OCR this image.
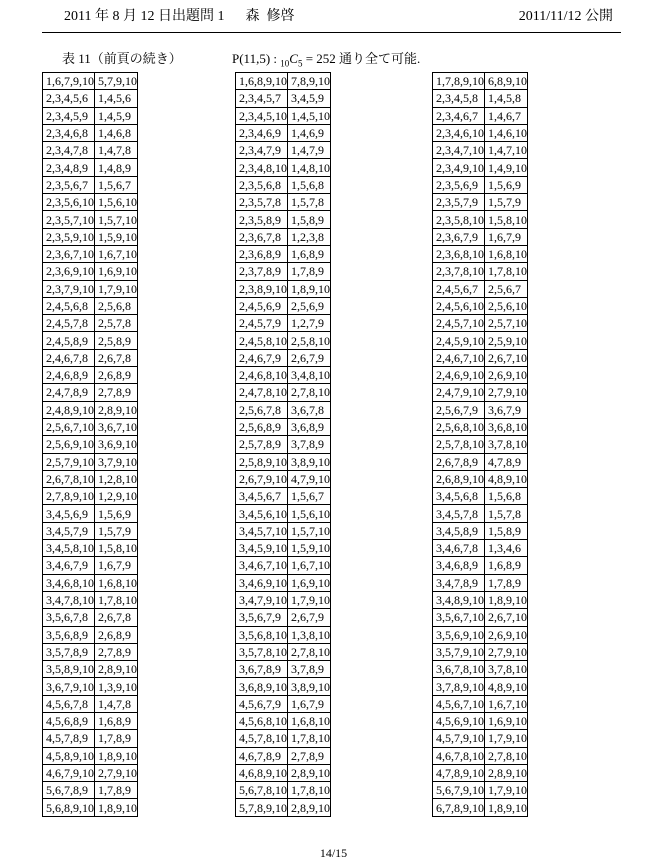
2011 年 8 月 12 日出題問 1      森  修啓	2011/11/12 公開
表 11（前頁の続き）	P(11,5) : $_{10}C_5 = 252$ 通り全て可能.
1,6,7,9,10	5,7,9,10
2,3,4,5,6	1,4,5,6
2,3,4,5,9	1,4,5,9
2,3,4,6,8	1,4,6,8
2,3,4,7,8	1,4,7,8
2,3,4,8,9	1,4,8,9
2,3,5,6,7	1,5,6,7
2,3,5,6,10	1,5,6,10
2,3,5,7,10	1,5,7,10
2,3,5,9,10	1,5,9,10
2,3,6,7,10	1,6,7,10
2,3,6,9,10	1,6,9,10
2,3,7,9,10	1,7,9,10
2,4,5,6,8	2,5,6,8
2,4,5,7,8	2,5,7,8
2,4,5,8,9	2,5,8,9
2,4,6,7,8	2,6,7,8
2,4,6,8,9	2,6,8,9
2,4,7,8,9	2,7,8,9
2,4,8,9,10	2,8,9,10
2,5,6,7,10	3,6,7,10
2,5,6,9,10	3,6,9,10
2,5,7,9,10	3,7,9,10
2,6,7,8,10	1,2,8,10
2,7,8,9,10	1,2,9,10
3,4,5,6,9	1,5,6,9
3,4,5,7,9	1,5,7,9
3,4,5,8,10	1,5,8,10
3,4,6,7,9	1,6,7,9
3,4,6,8,10	1,6,8,10
3,4,7,8,10	1,7,8,10
3,5,6,7,8	2,6,7,8
3,5,6,8,9	2,6,8,9
3,5,7,8,9	2,7,8,9
3,5,8,9,10	2,8,9,10
3,6,7,9,10	1,3,9,10
4,5,6,7,8	1,4,7,8
4,5,6,8,9	1,6,8,9
4,5,7,8,9	1,7,8,9
4,5,8,9,10	1,8,9,10
4,6,7,9,10	2,7,9,10
5,6,7,8,9	1,7,8,9
5,6,8,9,10	1,8,9,10
1,6,8,9,10	7,8,9,10
2,3,4,5,7	3,4,5,9
2,3,4,5,10	1,4,5,10
2,3,4,6,9	1,4,6,9
2,3,4,7,9	1,4,7,9
2,3,4,8,10	1,4,8,10
2,3,5,6,8	1,5,6,8
2,3,5,7,8	1,5,7,8
2,3,5,8,9	1,5,8,9
2,3,6,7,8	1,2,3,8
2,3,6,8,9	1,6,8,9
2,3,7,8,9	1,7,8,9
2,3,8,9,10	1,8,9,10
2,4,5,6,9	2,5,6,9
2,4,5,7,9	1,2,7,9
2,4,5,8,10	2,5,8,10
2,4,6,7,9	2,6,7,9
2,4,6,8,10	3,4,8,10
2,4,7,8,10	2,7,8,10
2,5,6,7,8	3,6,7,8
2,5,6,8,9	3,6,8,9
2,5,7,8,9	3,7,8,9
2,5,8,9,10	3,8,9,10
2,6,7,9,10	4,7,9,10
3,4,5,6,7	1,5,6,7
3,4,5,6,10	1,5,6,10
3,4,5,7,10	1,5,7,10
3,4,5,9,10	1,5,9,10
3,4,6,7,10	1,6,7,10
3,4,6,9,10	1,6,9,10
3,4,7,9,10	1,7,9,10
3,5,6,7,9	2,6,7,9
3,5,6,8,10	1,3,8,10
3,5,7,8,10	2,7,8,10
3,6,7,8,9	3,7,8,9
3,6,8,9,10	3,8,9,10
4,5,6,7,9	1,6,7,9
4,5,6,8,10	1,6,8,10
4,5,7,8,10	1,7,8,10
4,6,7,8,9	2,7,8,9
4,6,8,9,10	2,8,9,10
5,6,7,8,10	1,7,8,10
5,7,8,9,10	2,8,9,10
1,7,8,9,10	6,8,9,10
2,3,4,5,8	1,4,5,8
2,3,4,6,7	1,4,6,7
2,3,4,6,10	1,4,6,10
2,3,4,7,10	1,4,7,10
2,3,4,9,10	1,4,9,10
2,3,5,6,9	1,5,6,9
2,3,5,7,9	1,5,7,9
2,3,5,8,10	1,5,8,10
2,3,6,7,9	1,6,7,9
2,3,6,8,10	1,6,8,10
2,3,7,8,10	1,7,8,10
2,4,5,6,7	2,5,6,7
2,4,5,6,10	2,5,6,10
2,4,5,7,10	2,5,7,10
2,4,5,9,10	2,5,9,10
2,4,6,7,10	2,6,7,10
2,4,6,9,10	2,6,9,10
2,4,7,9,10	2,7,9,10
2,5,6,7,9	3,6,7,9
2,5,6,8,10	3,6,8,10
2,5,7,8,10	3,7,8,10
2,6,7,8,9	4,7,8,9
2,6,8,9,10	4,8,9,10
3,4,5,6,8	1,5,6,8
3,4,5,7,8	1,5,7,8
3,4,5,8,9	1,5,8,9
3,4,6,7,8	1,3,4,6
3,4,6,8,9	1,6,8,9
3,4,7,8,9	1,7,8,9
3,4,8,9,10	1,8,9,10
3,5,6,7,10	2,6,7,10
3,5,6,9,10	2,6,9,10
3,5,7,9,10	2,7,9,10
3,6,7,8,10	3,7,8,10
3,7,8,9,10	4,8,9,10
4,5,6,7,10	1,6,7,10
4,5,6,9,10	1,6,9,10
4,5,7,9,10	1,7,9,10
4,6,7,8,10	2,7,8,10
4,7,8,9,10	2,8,9,10
5,6,7,9,10	1,7,9,10
6,7,8,9,10	1,8,9,10
14/15
